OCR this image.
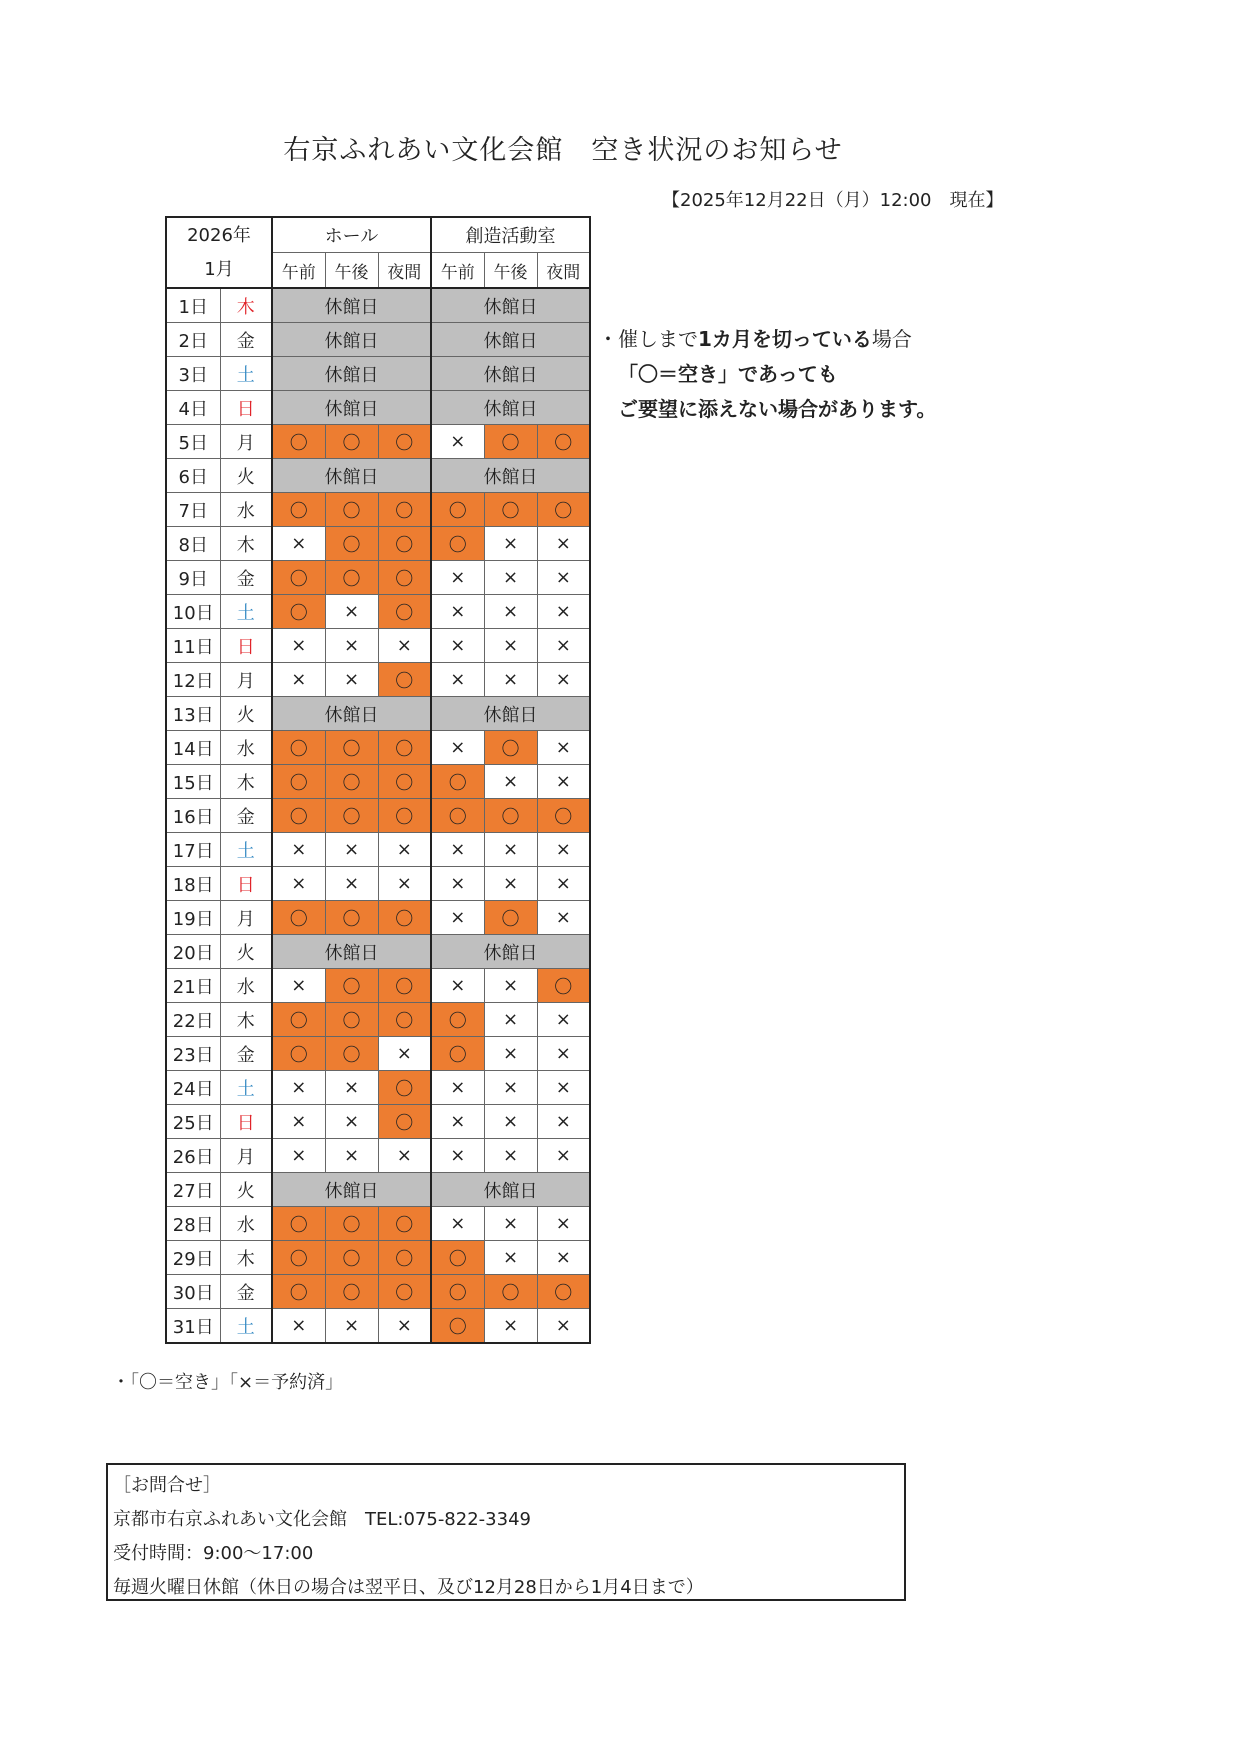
右京ふれあい文化会館　空き状況のお知らせ
【2025年12月22日（月）12:00　現在】
2026年
1月		ホール			創造活動室		
		午前	午後	夜間	午前	午後	夜間
1日	木	休館日			休館日		
2日	金	休館日			休館日		
3日	土	休館日			休館日		
4日	日	休館日			休館日		
5日	月	〇	〇	〇	×	〇	〇
6日	火	休館日			休館日		
7日	水	〇	〇	〇	〇	〇	〇
8日	木	×	〇	〇	〇	×	×
9日	金	〇	〇	〇	×	×	×
10日	土	〇	×	〇	×	×	×
11日	日	×	×	×	×	×	×
12日	月	×	×	〇	×	×	×
13日	火	休館日			休館日		
14日	水	〇	〇	〇	×	〇	×
15日	木	〇	〇	〇	〇	×	×
16日	金	〇	〇	〇	〇	〇	〇
17日	土	×	×	×	×	×	×
18日	日	×	×	×	×	×	×
19日	月	〇	〇	〇	×	〇	×
20日	火	休館日			休館日		
21日	水	×	〇	〇	×	×	〇
22日	木	〇	〇	〇	〇	×	×
23日	金	〇	〇	×	〇	×	×
24日	土	×	×	〇	×	×	×
25日	日	×	×	〇	×	×	×
26日	月	×	×	×	×	×	×
27日	火	休館日			休館日		
28日	水	〇	〇	〇	×	×	×
29日	木	〇	〇	〇	〇	×	×
30日	金	〇	〇	〇	〇	〇	〇
31日	土	×	×	×	〇	×	×
・「〇＝空き」「×＝予約済」
・催しまで1カ月を切っている場合
「〇＝空き」であっても
ご要望に添えない場合があります。
［お問合せ］
京都市右京ふれあい文化会館　TEL:075-822-3349
受付時間：9:00～17:00
毎週火曜日休館（休日の場合は翌平日、及び12月28日から1月4日まで）
